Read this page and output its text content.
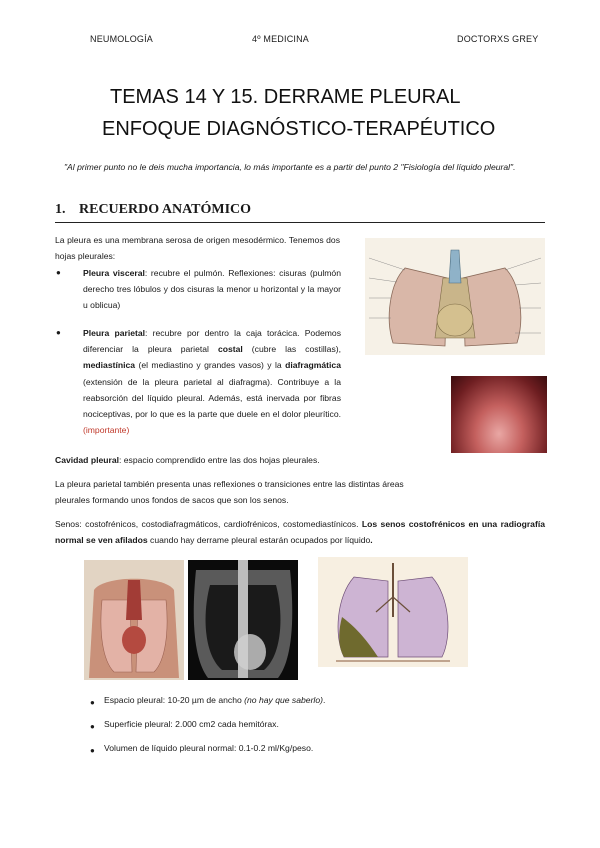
NEUMOLOGÍA	4º MEDICINA	DOCTORXS GREY
TEMAS 14 Y 15. DERRAME PLEURAL
ENFOQUE DIAGNÓSTICO-TERAPÉUTICO
"Al primer punto no le deis mucha importancia, lo más importante es a partir del punto 2 "Fisiología del líquido pleural".
1. RECUERDO ANATÓMICO
La pleura es una membrana serosa de origen mesodérmico. Tenemos dos hojas pleurales:
●	Pleura visceral: recubre el pulmón. Reflexiones: cisuras (pulmón derecho tres lóbulos y dos cisuras la menor u horizontal y la mayor u oblicua)
●	Pleura parietal: recubre por dentro la caja torácica. Podemos diferenciar la pleura parietal costal (cubre las costillas), mediastínica (el mediastino y grandes vasos) y la diafragmática (extensión de la pleura parietal al diafragma). Contribuye a la reabsorción del líquido pleural. Además, está inervada por fibras nociceptivas, por lo que es la parte que duele en el dolor pleurítico. (importante)
Cavidad pleural: espacio comprendido entre las dos hojas pleurales.
La pleura parietal también presenta unas reflexiones o transiciones entre las distintas áreas pleurales formando unos fondos de sacos que son los senos.
Senos: costofrénicos, costodiafragmáticos, cardiofrénicos, costomediastínicos. Los senos costofrénicos en una radiografía normal se ven afilados cuando hay derrame pleural estarán ocupados por líquido.
● Espacio pleural: 10-20 µm de ancho (no hay que saberlo).
● Superficie pleural: 2.000 cm2 cada hemitórax.
● Volumen de líquido pleural normal: 0.1-0.2 ml/Kg/peso.
